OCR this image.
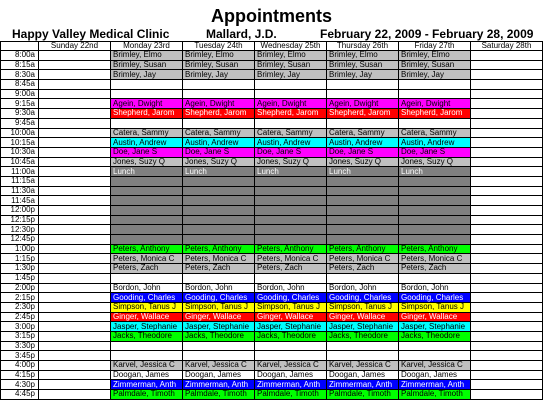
Appointments
Happy Valley Medical Clinic	Mallard, J.D.	February 22, 2009 - February 28, 2009
	Sunday 22nd	Monday 23rd	Tuesday 24th	Wednesday 25th	Thursday 26th	Friday 27th	Saturday 28th
8:00a		Brimley, Elmo	Brimley, Elmo	Brimley, Elmo	Brimley, Elmo	Brimley, Elmo	
8:15a		Brimley, Susan	Brimley, Susan	Brimley, Susan	Brimley, Susan	Brimley, Susan	
8:30a		Brimley, Jay	Brimley, Jay	Brimley, Jay	Brimley, Jay	Brimley, Jay	
8:45a							
9:00a							
9:15a		Agein, Dwight	Agein, Dwight	Agein, Dwight	Agein, Dwight	Agein, Dwight	
9:30a		Shepherd, Jarom	Shepherd, Jarom	Shepherd, Jarom	Shepherd, Jarom	Shepherd, Jarom	
9:45a							
10:00a		Catera, Sammy	Catera, Sammy	Catera, Sammy	Catera, Sammy	Catera, Sammy	
10:15a		Austin, Andrew	Austin, Andrew	Austin, Andrew	Austin, Andrew	Austin, Andrew	
10:30a		Doe, Jane S	Doe, Jane S	Doe, Jane S	Doe, Jane S	Doe, Jane S	
10:45a		Jones, Suzy Q	Jones, Suzy Q	Jones, Suzy Q	Jones, Suzy Q	Jones, Suzy Q	
11:00a		Lunch	Lunch	Lunch	Lunch	Lunch	
11:15a							
11:30a							
11:45a							
12:00p							
12:15p							
12:30p							
12:45p							
1:00p		Peters, Anthony	Peters, Anthony	Peters, Anthony	Peters, Anthony	Peters, Anthony	
1:15p		Peters, Monica C	Peters, Monica C	Peters, Monica C	Peters, Monica C	Peters, Monica C	
1:30p		Peters, Zach	Peters, Zach	Peters, Zach	Peters, Zach	Peters, Zach	
1:45p							
2:00p		Bordon, John	Bordon, John	Bordon, John	Bordon, John	Bordon, John	
2:15p		Gooding, Charles	Gooding, Charles	Gooding, Charles	Gooding, Charles	Gooding, Charles	
2:30p		Simpson, Tanus J	Simpson, Tanus J	Simpson, Tanus J	Simpson, Tanus J	Simpson, Tanus J	
2:45p		Ginger, Wallace	Ginger, Wallace	Ginger, Wallace	Ginger, Wallace	Ginger, Wallace	
3:00p		Jasper, Stephanie	Jasper, Stephanie	Jasper, Stephanie	Jasper, Stephanie	Jasper, Stephanie	
3:15p		Jacks, Theodore	Jacks, Theodore	Jacks, Theodore	Jacks, Theodore	Jacks, Theodore	
3:30p							
3:45p							
4:00p		Karvel, Jessica C	Karvel, Jessica C	Karvel, Jessica C	Karvel, Jessica C	Karvel, Jessica C	
4:15p		Doogan, James	Doogan, James	Doogan, James	Doogan, James	Doogan, James	
4:30p		Zimmerman, Anth	Zimmerman, Anth	Zimmerman, Anth	Zimmerman, Anth	Zimmerman, Anth	
4:45p		Palmdale, Timoth	Palmdale, Timoth	Palmdale, Timoth	Palmdale, Timoth	Palmdale, Timoth	
